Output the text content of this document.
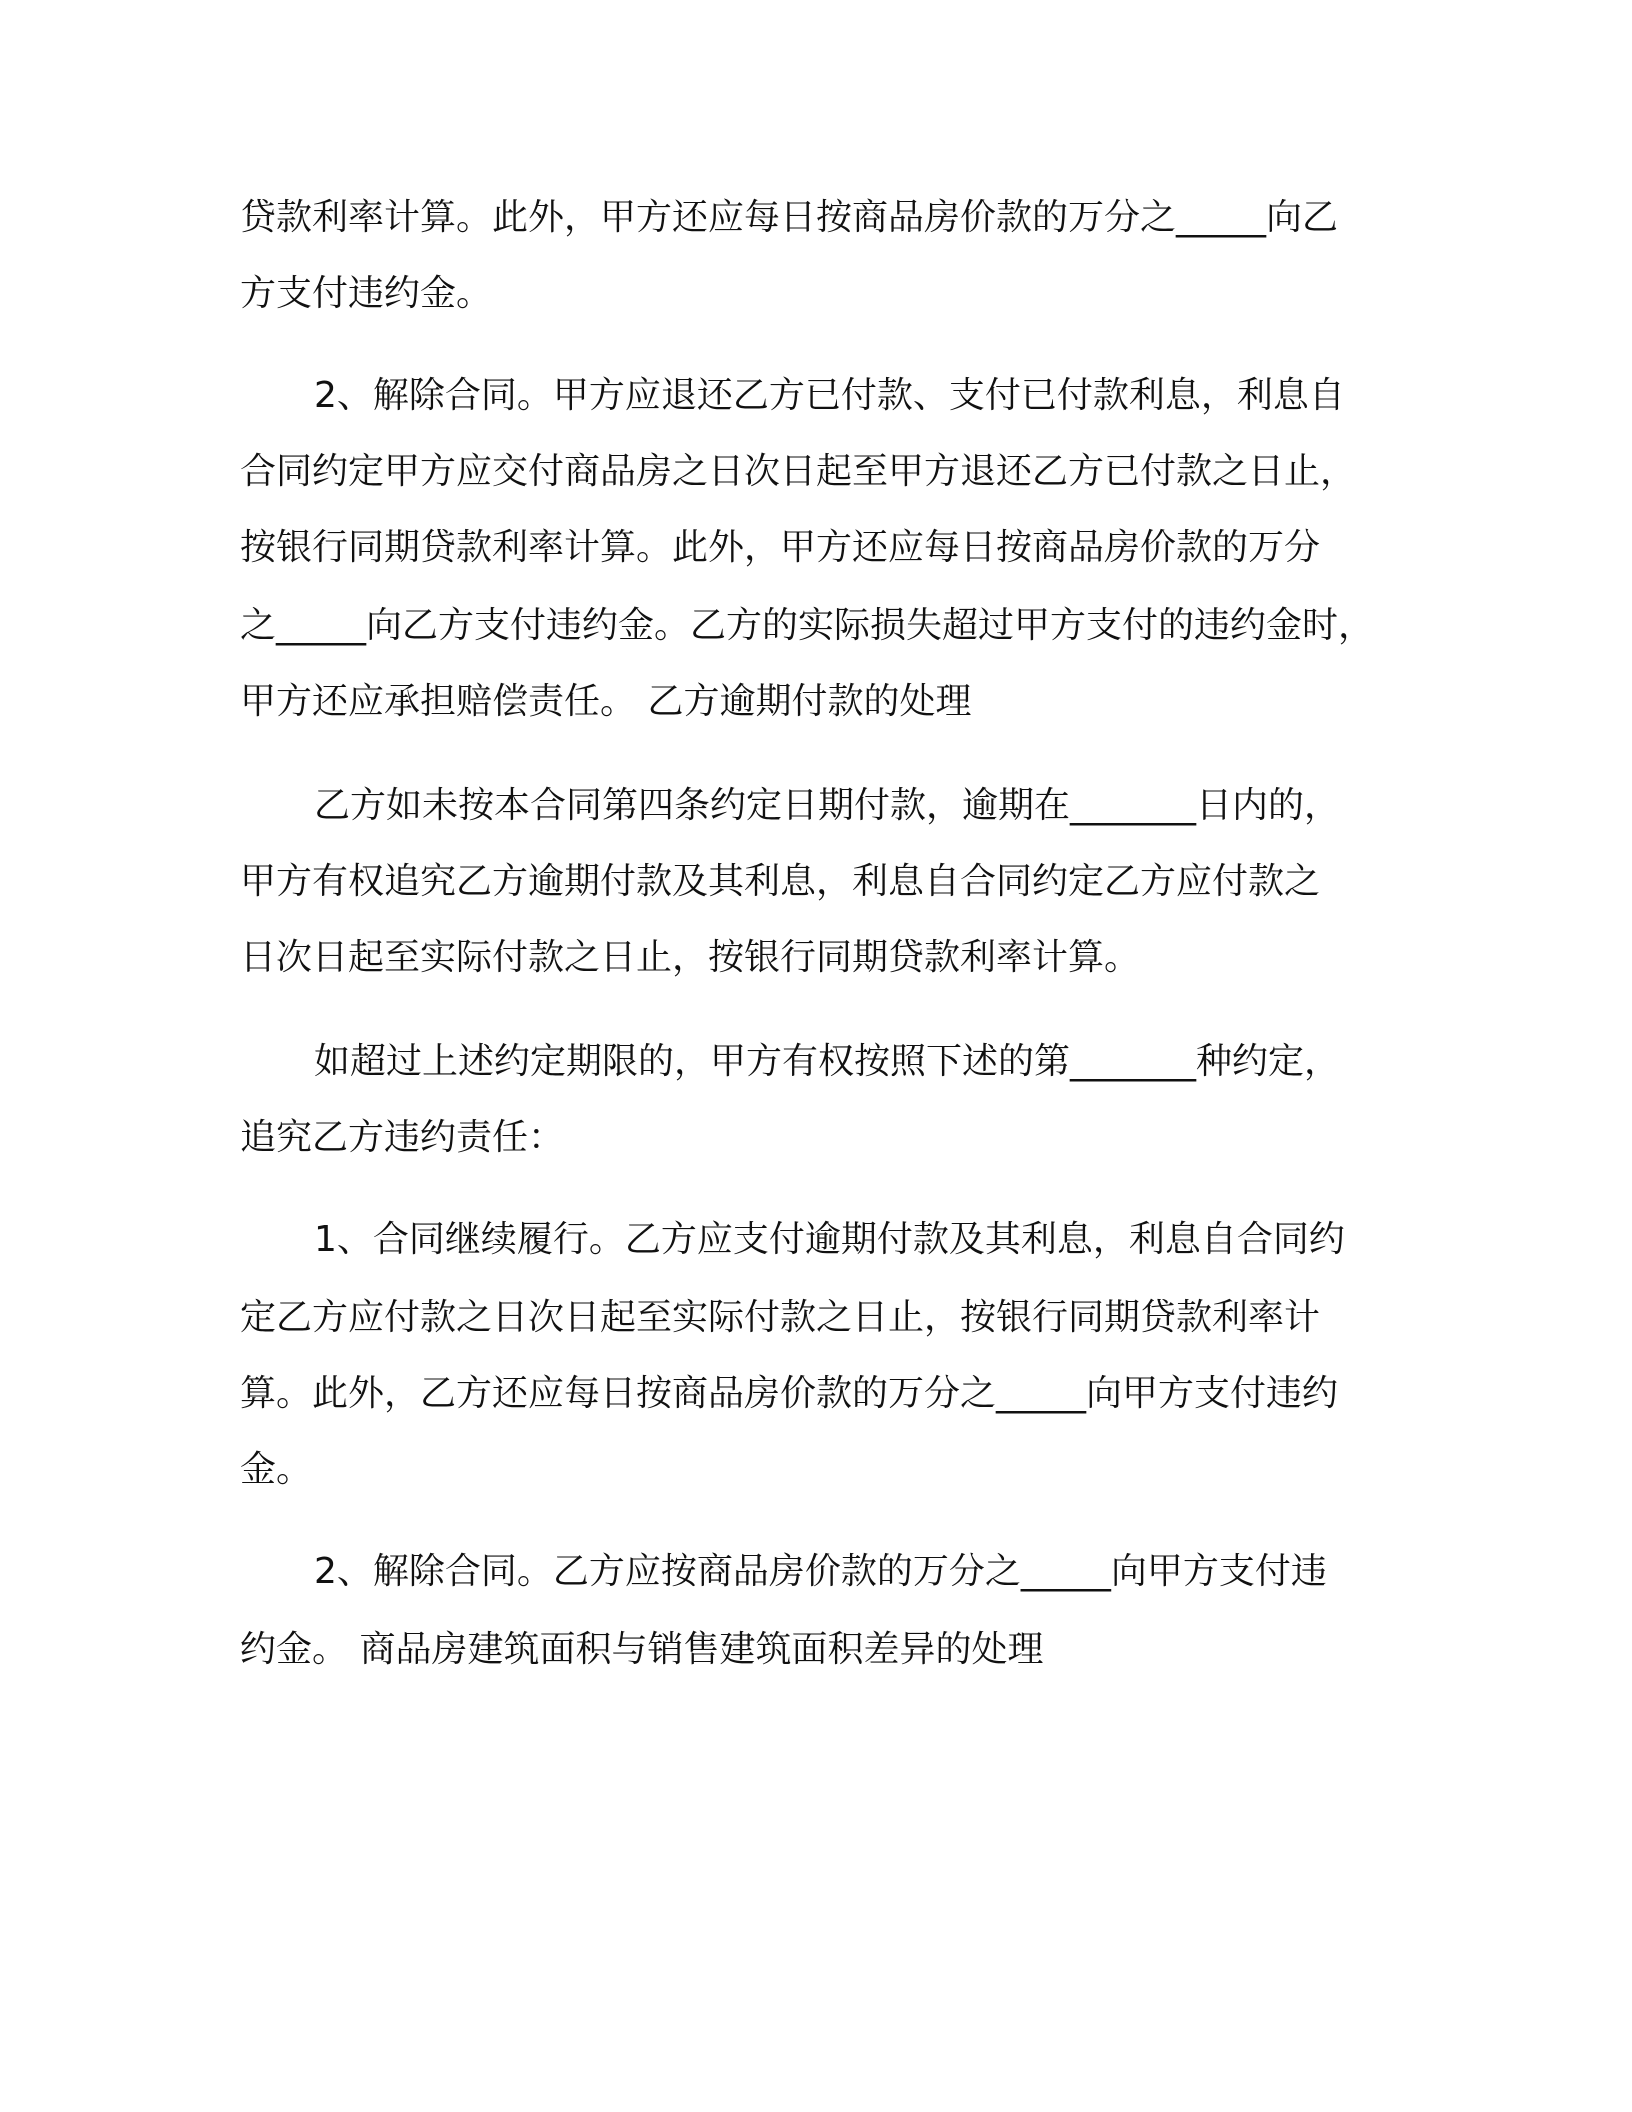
贷款利率计算。此外，甲方还应每日按商品房价款的万分之_____向乙
方支付违约金。
2、解除合同。甲方应退还乙方已付款、支付已付款利息，利息自
合同约定甲方应交付商品房之日次日起至甲方退还乙方已付款之日止，
按银行同期贷款利率计算。此外，甲方还应每日按商品房价款的万分
之_____向乙方支付违约金。乙方的实际损失超过甲方支付的违约金时，
甲方还应承担赔偿责任。 乙方逾期付款的处理
乙方如未按本合同第四条约定日期付款，逾期在_______日内的，
甲方有权追究乙方逾期付款及其利息，利息自合同约定乙方应付款之
日次日起至实际付款之日止，按银行同期贷款利率计算。
如超过上述约定期限的，甲方有权按照下述的第_______种约定，
追究乙方违约责任：
1、合同继续履行。乙方应支付逾期付款及其利息，利息自合同约
定乙方应付款之日次日起至实际付款之日止，按银行同期贷款利率计
算。此外，乙方还应每日按商品房价款的万分之_____向甲方支付违约
金。
2、解除合同。乙方应按商品房价款的万分之_____向甲方支付违
约金。 商品房建筑面积与销售建筑面积差异的处理
